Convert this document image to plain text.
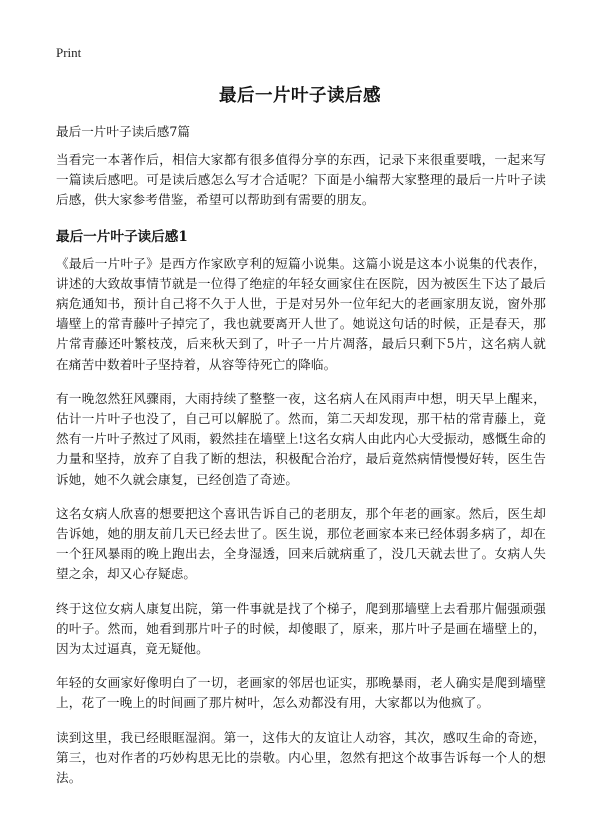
Print
最后一片叶子读后感
最后一片叶子读后感7篇

当看完一本著作后，相信大家都有很多值得分享的东西，记录下来很重要哦，一起来写一篇读后感吧。可是读后感怎么写才合适呢？下面是小编帮大家整理的最后一片叶子读后感，供大家参考借鉴，希望可以帮助到有需要的朋友。

最后一片叶子读后感1

《最后一片叶子》是西方作家欧亨利的短篇小说集。这篇小说是这本小说集的代表作，讲述的大致故事情节就是一位得了绝症的年轻女画家住在医院，因为被医生下达了最后病危通知书，预计自己将不久于人世，于是对另外一位年纪大的老画家朋友说，窗外那墙壁上的常青藤叶子掉完了，我也就要离开人世了。她说这句话的时候，正是春天，那片常青藤还叶繁枝茂，后来秋天到了，叶子一片片凋落，最后只剩下5片，这名病人就在痛苦中数着叶子坚持着，从容等待死亡的降临。

有一晚忽然狂风骤雨，大雨持续了整整一夜，这名病人在风雨声中想，明天早上醒来，估计一片叶子也没了，自己可以解脱了。然而，第二天却发现，那干枯的常青藤上，竟然有一片叶子熬过了风雨，毅然挂在墙壁上!这名女病人由此内心大受振动，感慨生命的力量和坚持，放弃了自我了断的想法，积极配合治疗，最后竟然病情慢慢好转，医生告诉她，她不久就会康复，已经创造了奇迹。

这名女病人欣喜的想要把这个喜讯告诉自己的老朋友，那个年老的画家。然后，医生却告诉她，她的朋友前几天已经去世了。医生说，那位老画家本来已经体弱多病了，却在一个狂风暴雨的晚上跑出去，全身湿透，回来后就病重了，没几天就去世了。女病人失望之余，却又心存疑虑。

终于这位女病人康复出院，第一件事就是找了个梯子，爬到那墙壁上去看那片倔强顽强的叶子。然而，她看到那片叶子的时候，却傻眼了，原来，那片叶子是画在墙壁上的，因为太过逼真，竟无疑他。

年轻的女画家好像明白了一切，老画家的邻居也证实，那晚暴雨，老人确实是爬到墙壁上，花了一晚上的时间画了那片树叶，怎么劝都没有用，大家都以为他疯了。

读到这里，我已经眼眶湿润。第一，这伟大的友谊让人动容，其次，感叹生命的奇迹，第三，也对作者的巧妙构思无比的崇敬。内心里，忽然有把这个故事告诉每一个人的想法。
